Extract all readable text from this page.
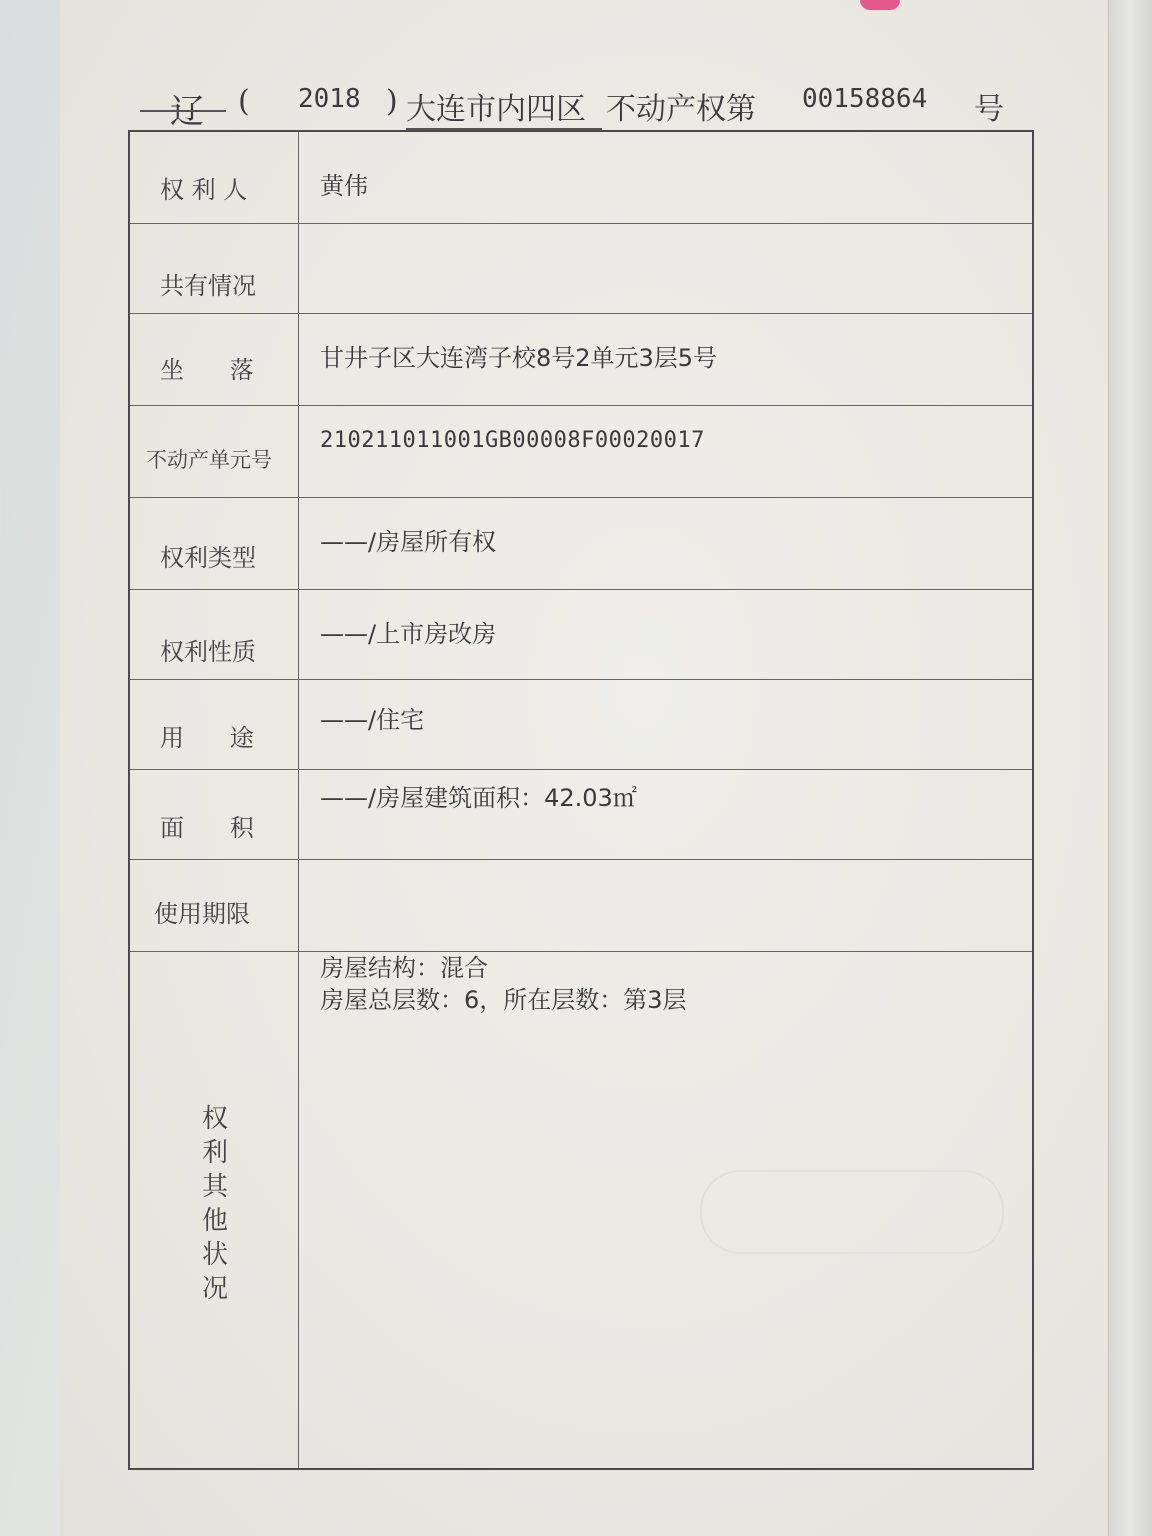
辽 ( 2018 ) 大连市内四区 不动产权第 00158864 号
权 利 人	黄伟
共有情况
坐      落	甘井子区大连湾子校8号2单元3层5号
不动产单元号
210211011001GB00008F00020017
权利类型
——/房屋所有权
权利性质
——/上市房改房
用      途
——/住宅
面      积
——/房屋建筑面积：42.03㎡
使用期限
权
利
其
他
状
况
房屋结构：混合
房屋总层数：6，所在层数：第3层
